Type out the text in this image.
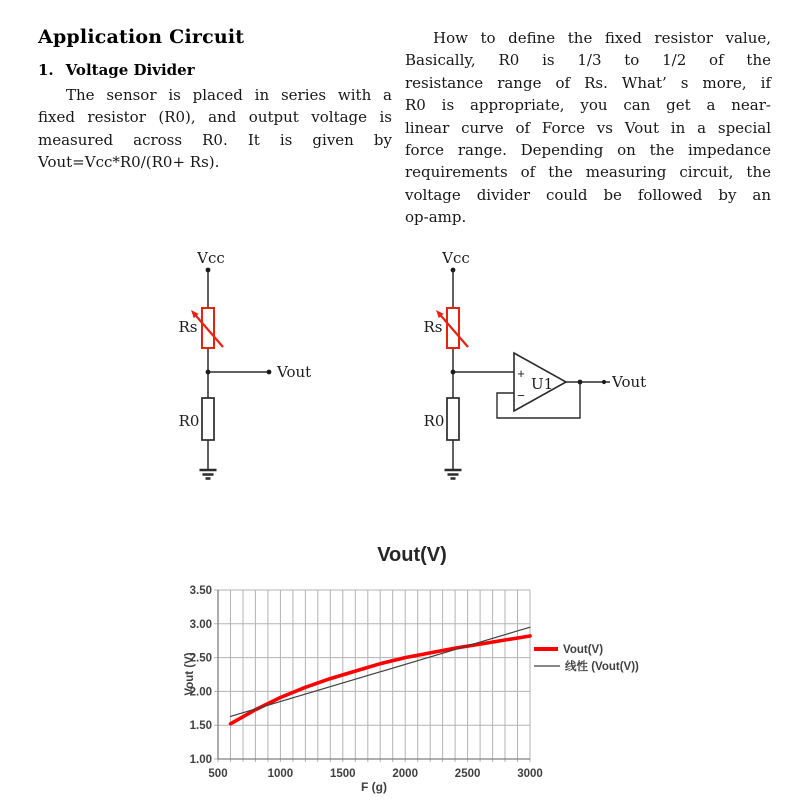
Application Circuit
1. Voltage Divider
The sensor is placed in series with a
fixed resistor (R0), and output voltage is
measured across R0. It is given by
Vout=Vcc*R0/(R0+ Rs).
How to define the fixed resistor value,
Basically, R0 is 1/3 to 1/2 of the
resistance range of Rs. What’ s more, if
R0 is appropriate, you can get a near-
linear curve of Force vs Vout in a special
force range. Depending on the impedance
requirements of the measuring circuit, the
voltage divider could be followed by an
op-amp.
Vcc
Rs
R0
Vout
Vcc
Rs
R0
+
−
U1	Vout
500	1000	1500	2000	2500	3000
1.00
1.50
2.00
2.50
3.00
3.50
Vout(V)
F (g)
Vout (V)
Vout(V)
线性 (Vout(V))
